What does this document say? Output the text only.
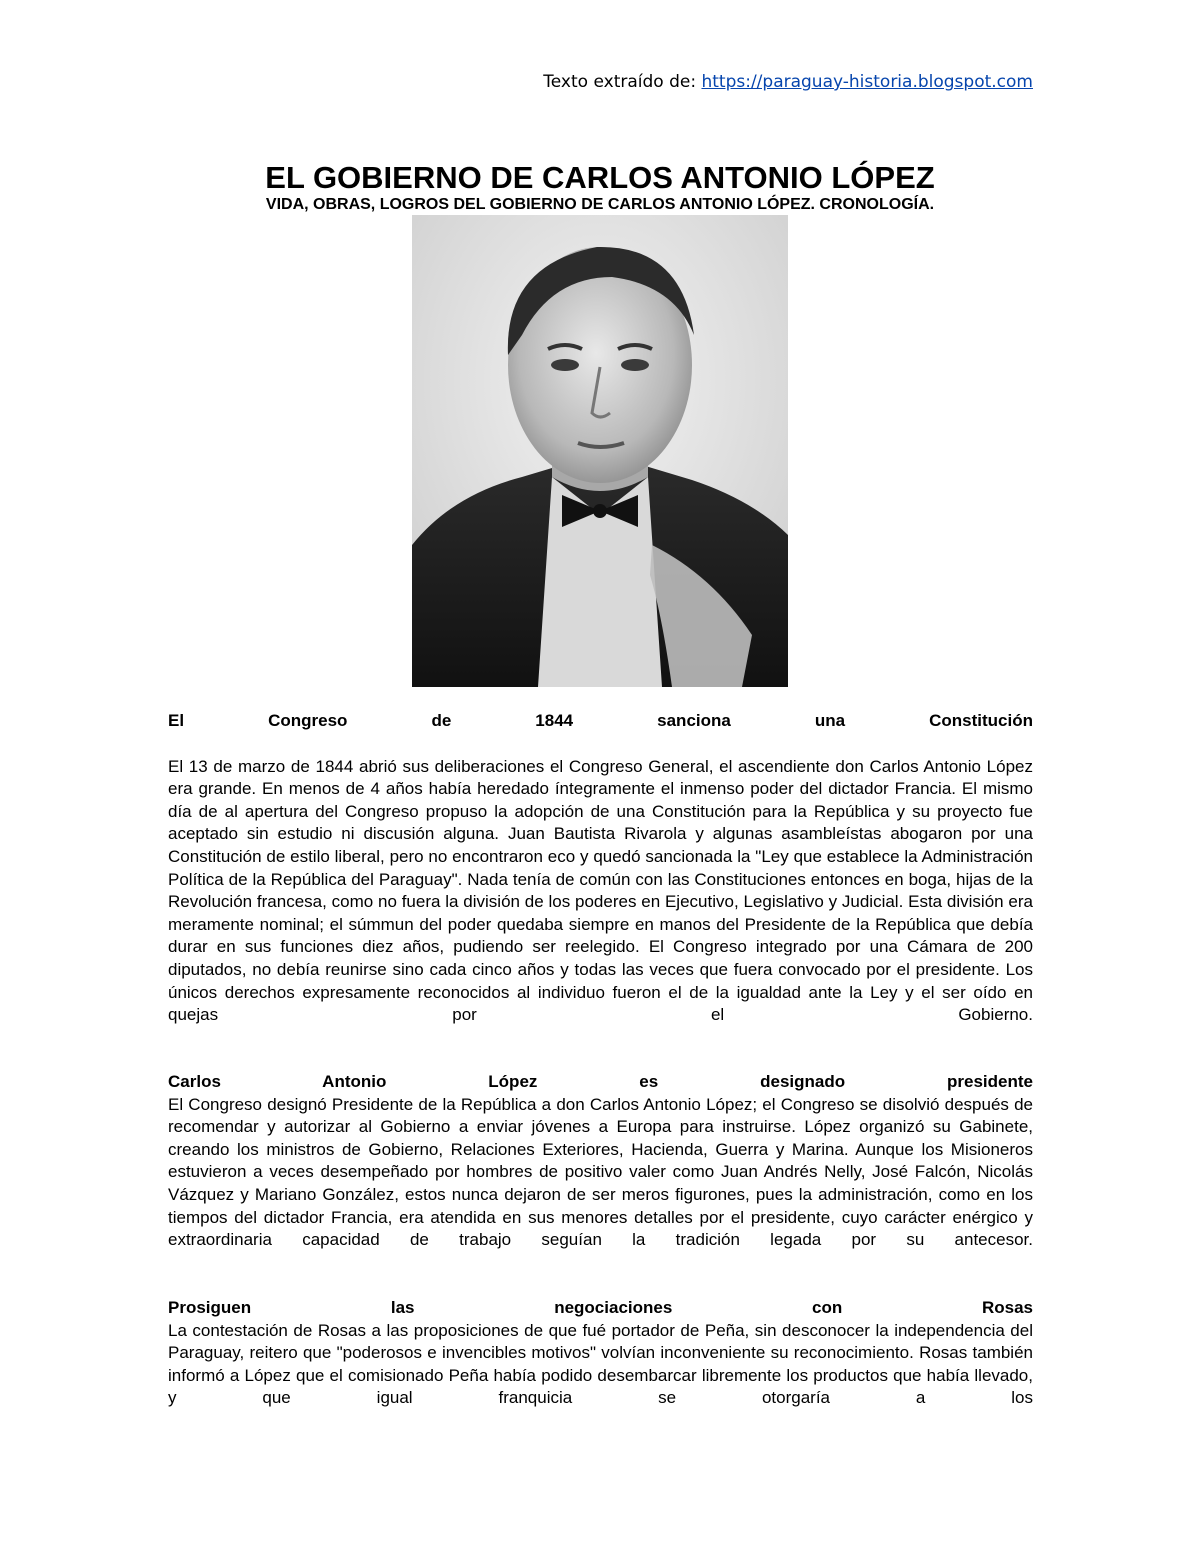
Texto extraído de: https://paraguay-historia.blogspot.com
EL GOBIERNO DE CARLOS ANTONIO LÓPEZ
VIDA, OBRAS, LOGROS DEL GOBIERNO DE CARLOS ANTONIO LÓPEZ. CRONOLOGÍA.

El Congreso de 1844 sanciona una Constitución

El 13 de marzo de 1844 abrió sus deliberaciones el Congreso General, el ascendiente don Carlos Antonio López era grande. En menos de 4 años había heredado íntegramente el inmenso poder del dictador Francia. El mismo día de al apertura del Congreso propuso la adopción de una Constitución para la República y su proyecto fue aceptado sin estudio ni discusión alguna. Juan Bautista Rivarola y algunas asambleístas abogaron por una Constitución de estilo liberal, pero no encontraron eco y quedó sancionada la "Ley que establece la Administración Política de la República del Paraguay". Nada tenía de común con las Constituciones entonces en boga, hijas de la Revolución francesa, como no fuera la división de los poderes en Ejecutivo, Legislativo y Judicial. Esta división era meramente nominal; el súmmun del poder quedaba siempre en manos del Presidente de la República que debía durar en sus funciones diez años, pudiendo ser reelegido. El Congreso integrado por una Cámara de 200 diputados, no debía reunirse sino cada cinco años y todas las veces que fuera convocado por el presidente. Los únicos derechos expresamente reconocidos al individuo fueron el de la igualdad ante la Ley y el ser oído en quejas por el Gobierno.

Carlos Antonio López es designado presidente

El Congreso designó Presidente de la República a don Carlos Antonio López; el Congreso se disolvió después de recomendar y autorizar al Gobierno a enviar jóvenes a Europa para instruirse. López organizó su Gabinete, creando los ministros de Gobierno, Relaciones Exteriores, Hacienda, Guerra y Marina. Aunque los Misioneros estuvieron a veces desempeñado por hombres de positivo valer como Juan Andrés Nelly, José Falcón, Nicolás Vázquez y Mariano González, estos nunca dejaron de ser meros figurones, pues la administración, como en los tiempos del dictador Francia, era atendida en sus menores detalles por el presidente, cuyo carácter enérgico y extraordinaria capacidad de trabajo seguían la tradición legada por su antecesor.

Prosiguen las negociaciones con Rosas

La contestación de Rosas a las proposiciones de que fué portador de Peña, sin desconocer la independencia del Paraguay, reitero que "poderosos e invencibles motivos" volvían inconveniente su reconocimiento. Rosas también informó a López que el comisionado Peña había podido desembarcar libremente los productos que había llevado, y que igual franquicia se otorgaría a los
